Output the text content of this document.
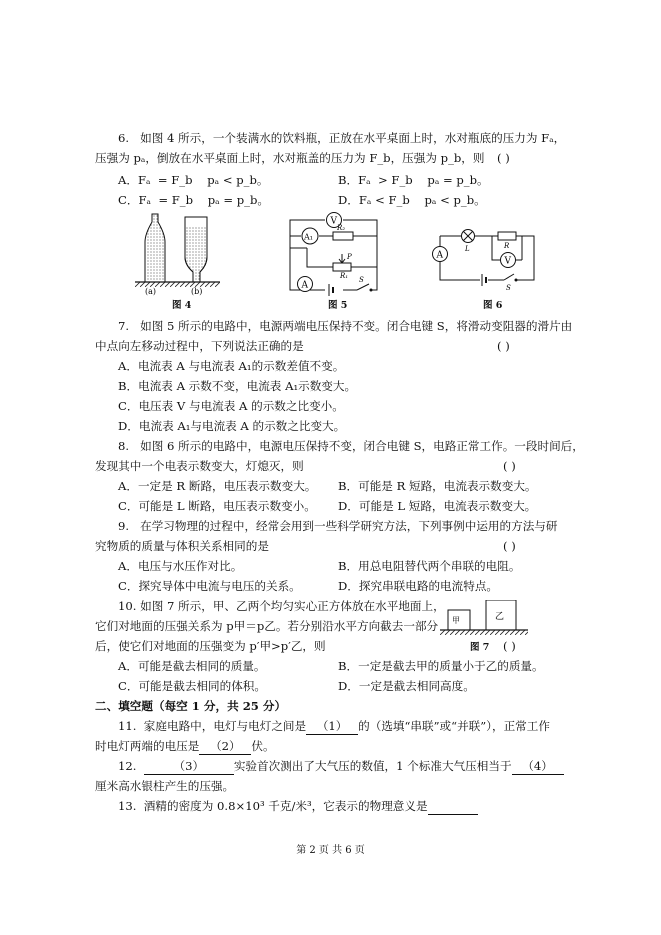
6.   如图 4 所示，一个装满水的饮料瓶，正放在水平桌面上时，水对瓶底的压力为 Fₐ，
压强为 pₐ，倒放在水平桌面上时，水对瓶盖的压力为 F_b，压强为 p_b，则 ( )
A．Fₐ  = F_b    pₐ < p_b。	B．Fₐ  > F_b    pₐ = p_b。
C．Fₐ  = F_b    pₐ = p_b。	D．Fₐ < F_b    pₐ < p_b。
(a)	(b)
图 4
V
A₁
R₂
P
R₁
A
S
图 5
A
L	R
V
S
图 6
7.   如图 5 所示的电路中，电源两端电压保持不变。闭合电键 S，将滑动变阻器的滑片由
中点向左移动过程中，下列说法正确的是	( )
A．电流表 A 与电流表 A₁的示数差值不变。
B．电流表 A 示数不变，电流表 A₁示数变大。
C．电压表 V 与电流表 A 的示数之比变小。
D．电流表 A₁与电流表 A 的示数之比变大。
8.   如图 6 所示的电路中，电源电压保持不变，闭合电键 S，电路正常工作。一段时间后，
发现其中一个电表示数变大，灯熄灭，则	( )
A．一定是 R 断路，电压表示数变大。 B．可能是 R 短路，电流表示数变大。
C．可能是 L 断路，电压表示数变小。 D．可能是 L 短路，电流表示数变大。
9.   在学习物理的过程中，经常会用到一些科学研究方法，下列事例中运用的方法与研
究物质的质量与体积关系相同的是	( )
A．电压与水压作对比。	B．用总电阻替代两个串联的电阻。
C．探究导体中电流与电压的关系。	D．探究串联电路的电流特点。
10. 如图 7 所示，甲、乙两个均匀实心正方体放在水平地面上，
它们对地面的压强关系为 p甲＝p乙。若分别沿水平方向截去一部分
后，使它们对地面的压强变为 p′甲>p′乙，则
甲	乙
图 7 ( )
A．可能是截去相同的质量。	B．一定是截去甲的质量小于乙的质量。
C．可能是截去相同的体积。	D．一定是截去相同高度。
二、填空题（每空 1 分，共 25 分）
11.  家庭电路中，电灯与电灯之间是 （1） 的（选填“串联”或“并联”），正常工作
时电灯两端的电压是 （2） 伏。
12.	（3）	实验首次测出了大气压的数值，1 个标准大气压相当于 （4）
厘米高水银柱产生的压强。
13.  酒精的密度为 0.8×10³ 千克/米³，它表示的物理意义是
第 2 页 共 6 页
